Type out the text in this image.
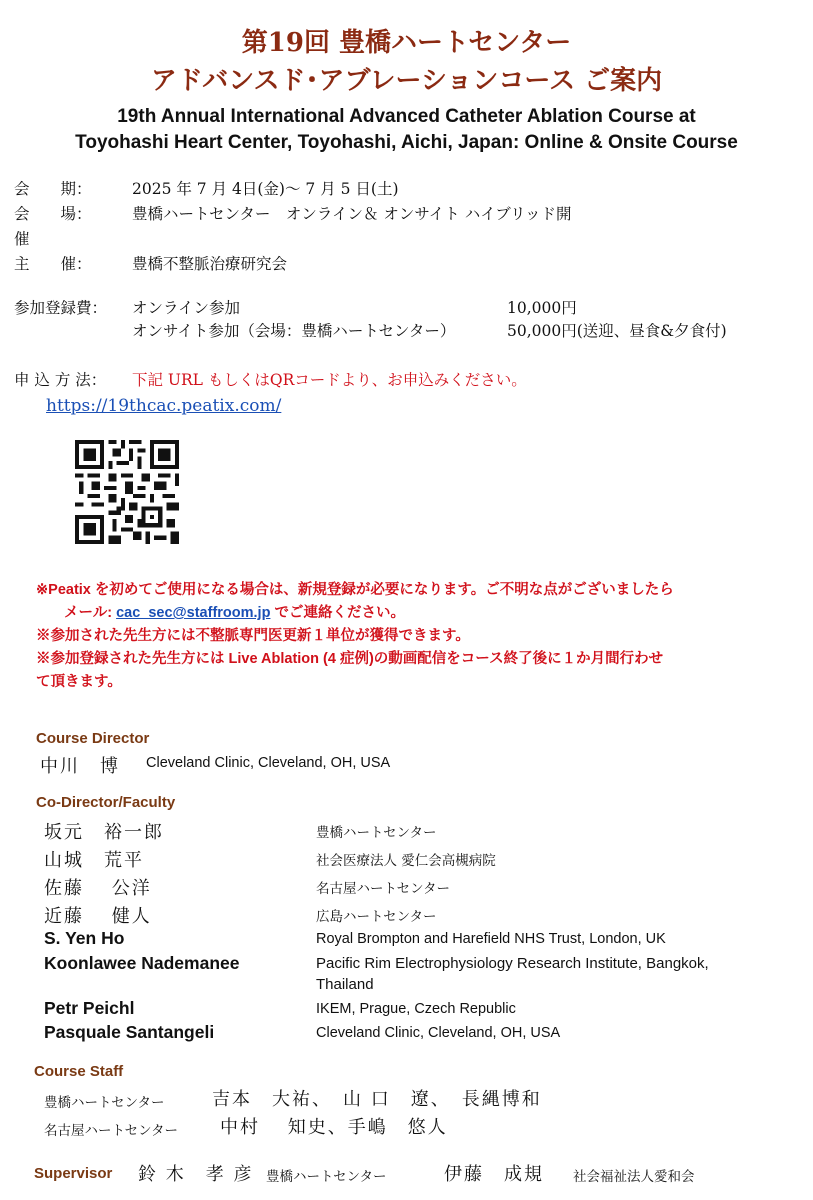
第19回 豊橋ハートセンター
アドバンスド･アブレーションコース ご案内
19th Annual International Advanced Catheter Ablation Course at
Toyohashi Heart Center, Toyohashi, Aichi, Japan: Online & Onsite Course
会　　期：	2025 年 7 月 4日(金)～ 7 月 5 日(土)
会　　場：	豊橋ハートセンター　オンライン＆ オンサイト ハイブリッド開
催
主　　催：	豊橋不整脈治療研究会
参加登録費： オンライン参加	10,000円
オンサイト参加（会場：豊橋ハートセンター）	50,000円(送迎、昼食&夕食付)
申 込 方 法： 下記 URL もしくはQRコードより、お申込みください。
https://19thcac.peatix.com/
※Peatix を初めてご使用になる場合は、新規登録が必要になります。ご不明な点がございましたら
メール: cac_sec@staffroom.jp でご連絡ください。
※参加された先生方には不整脈専門医更新１単位が獲得できます。
※参加登録された先生方には Live Ablation (4 症例)の動画配信をコース終了後に１か月間行わせ
て頂きます。
Course Director
中川　博 Cleveland Clinic, Cleveland, OH, USA
Co-Director/Faculty
坂元　裕一郎	豊橋ハートセンター
山城　荒平	社会医療法人 愛仁会高槻病院
佐藤　 公洋	名古屋ハートセンター
近藤　 健人	広島ハートセンター
S. Yen Ho	Royal Brompton and Harefield NHS Trust, London, UK
Koonlawee Nademanee	Pacific Rim Electrophysiology Research Institute, Bangkok,
Thailand
Petr Peichl	IKEM, Prague, Czech Republic
Pasquale Santangeli	Cleveland Clinic, Cleveland, OH, USA
Course Staff
豊橋ハートセンター	吉本　大祐、　山 口　遼、　長縄博和
名古屋ハートセンター 中村　 知史、手嶋　悠人
Supervisor 鈴 木　孝 彦 豊橋ハートセンター	伊藤　成規 社会福祉法人愛和会
